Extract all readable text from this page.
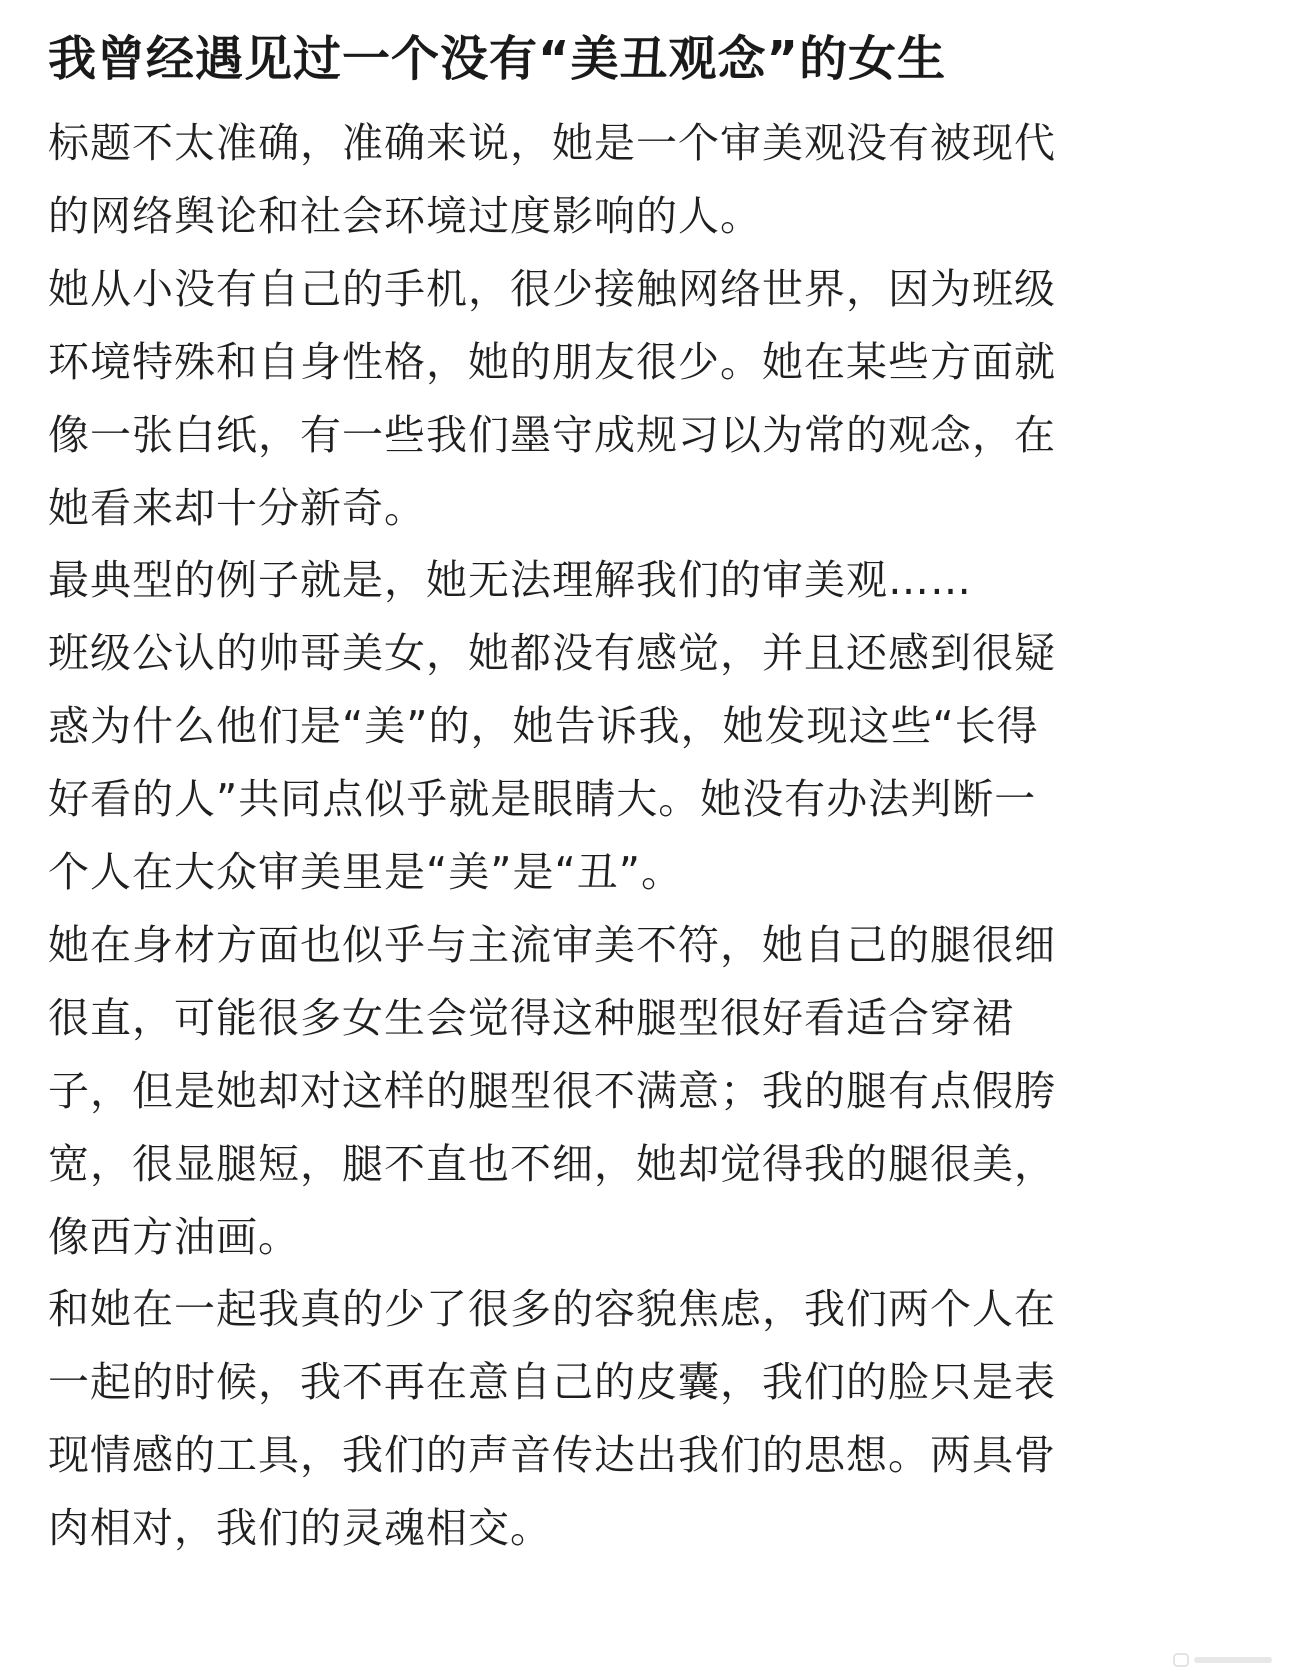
我曾经遇见过一个没有“美丑观念”的女生

标题不太准确，准确来说，她是一个审美观没有被现代

的网络舆论和社会环境过度影响的人。

她从小没有自己的手机，很少接触网络世界，因为班级

环境特殊和自身性格，她的朋友很少。她在某些方面就

像一张白纸，有一些我们墨守成规习以为常的观念，在

她看来却十分新奇。

最典型的例子就是，她无法理解我们的审美观……

班级公认的帅哥美女，她都没有感觉，并且还感到很疑

惑为什么他们是“美”的，她告诉我，她发现这些“长得

好看的人”共同点似乎就是眼睛大。她没有办法判断一

个人在大众审美里是“美”是“丑”。

她在身材方面也似乎与主流审美不符，她自己的腿很细

很直，可能很多女生会觉得这种腿型很好看适合穿裙

子，但是她却对这样的腿型很不满意；我的腿有点假胯

宽，很显腿短，腿不直也不细，她却觉得我的腿很美，

像西方油画。

和她在一起我真的少了很多的容貌焦虑，我们两个人在

一起的时候，我不再在意自己的皮囊，我们的脸只是表

现情感的工具，我们的声音传达出我们的思想。两具骨

肉相对，我们的灵魂相交。
